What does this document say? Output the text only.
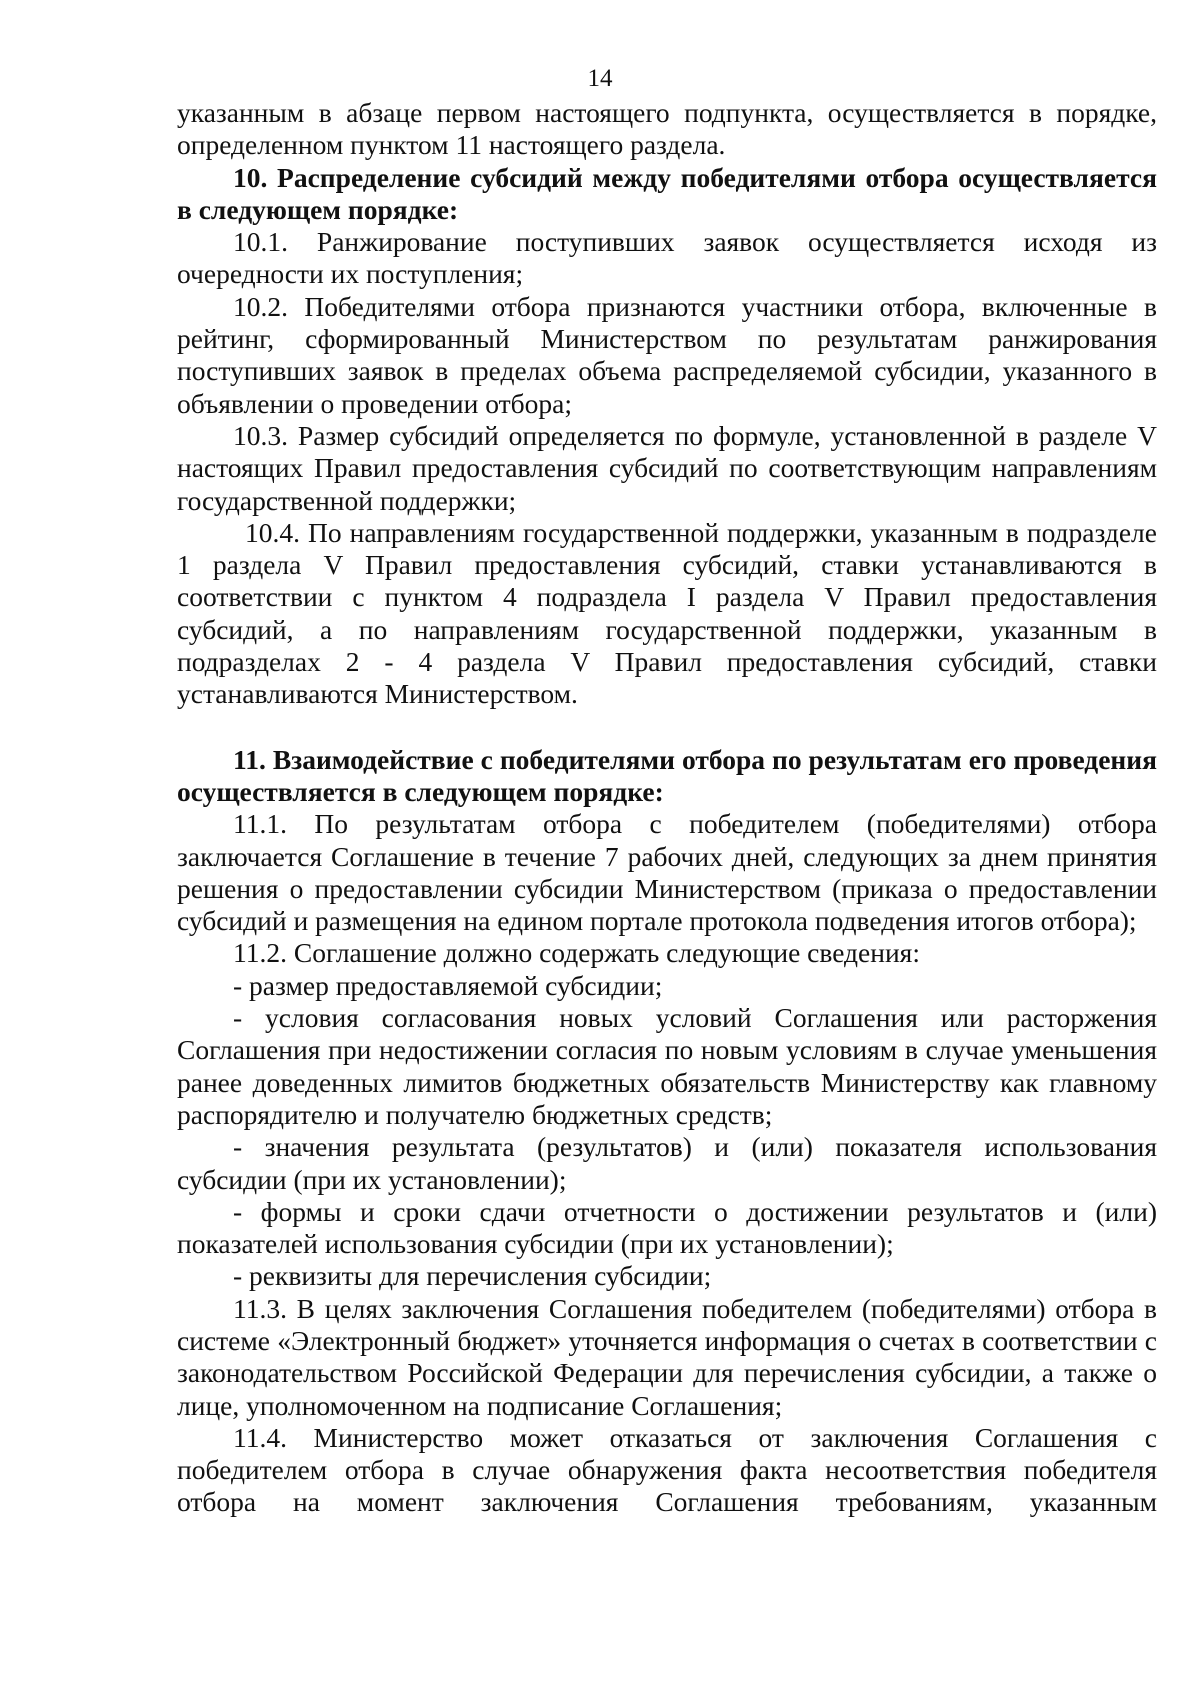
14

указанным в абзаце первом настоящего подпункта, осуществляется в порядке, определенном пунктом 11 настоящего раздела.

10. Распределение субсидий между победителями отбора осуществляется в следующем порядке:

10.1. Ранжирование поступивших заявок осуществляется исходя из очередности их поступления;

10.2. Победителями отбора признаются участники отбора, включенные в рейтинг, сформированный Министерством по результатам ранжирования поступивших заявок в пределах объема распределяемой субсидии, указанного в объявлении о проведении отбора;

10.3. Размер субсидий определяется по формуле, установленной в разделе V настоящих Правил предоставления субсидий по соответствующим направлениям государственной поддержки;

10.4. По направлениям государственной поддержки, указанным в подразделе 1 раздела V Правил предоставления субсидий, ставки устанавливаются в соответствии с пунктом 4 подраздела I раздела V Правил предоставления субсидий, а по направлениям государственной поддержки, указанным в подразделах 2 - 4 раздела V Правил предоставления субсидий, ставки устанавливаются Министерством.

11. Взаимодействие с победителями отбора по результатам его проведения осуществляется в следующем порядке:

11.1. По результатам отбора с победителем (победителями) отбора заключается Соглашение в течение 7 рабочих дней, следующих за днем принятия решения о предоставлении субсидии Министерством (приказа о предоставлении субсидий и размещения на едином портале протокола подведения итогов отбора);

11.2. Соглашение должно содержать следующие сведения:

- размер предоставляемой субсидии;

- условия согласования новых условий Соглашения или расторжения Соглашения при недостижении согласия по новым условиям в случае уменьшения ранее доведенных лимитов бюджетных обязательств Министерству как главному распорядителю и получателю бюджетных средств;

- значения результата (результатов) и (или) показателя использования субсидии (при их установлении);

- формы и сроки сдачи отчетности о достижении результатов и (или) показателей использования субсидии (при их установлении);

- реквизиты для перечисления субсидии;

11.3. В целях заключения Соглашения победителем (победителями) отбора в системе «Электронный бюджет» уточняется информация о счетах в соответствии с законодательством Российской Федерации для перечисления субсидии, а также о лице, уполномоченном на подписание Соглашения;

11.4. Министерство может отказаться от заключения Соглашения с победителем отбора в случае обнаружения факта несоответствия победителя отбора на момент заключения Соглашения требованиям, указанным
